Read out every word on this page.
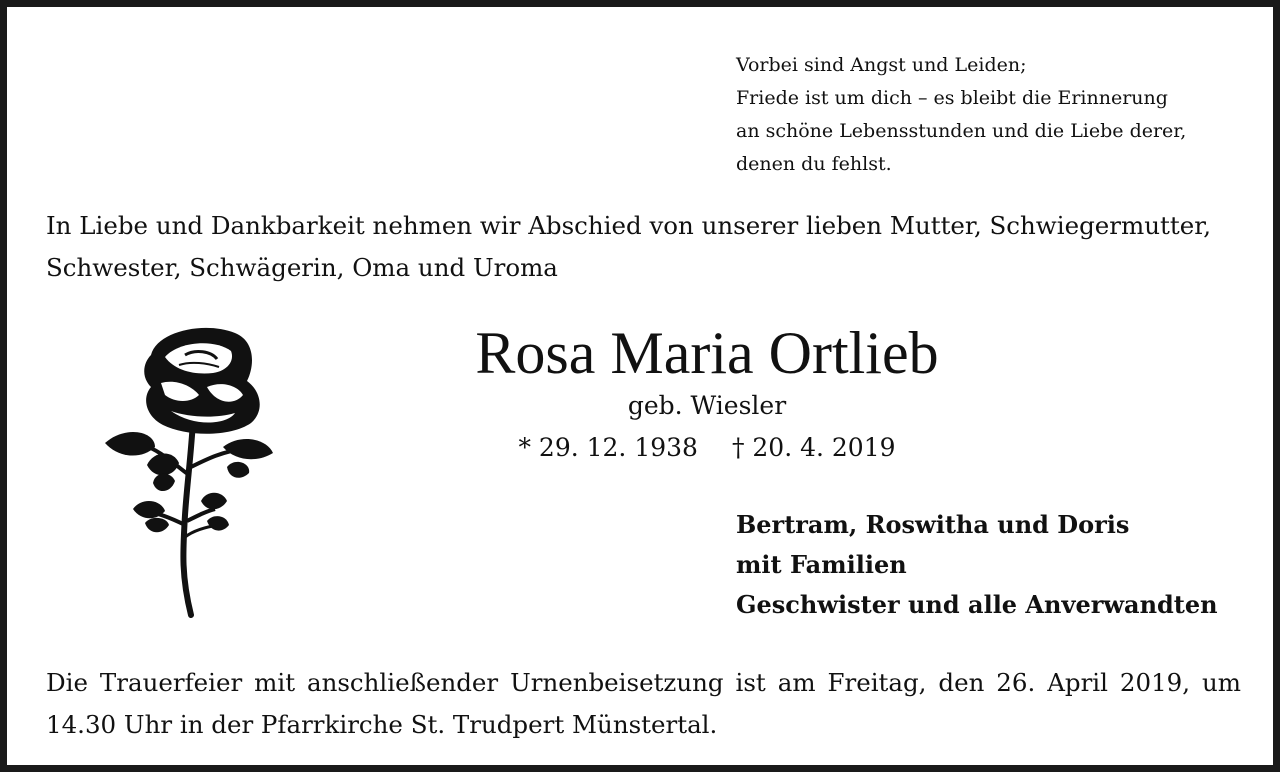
Vorbei sind Angst und Leiden;
Friede ist um dich – es bleibt die Erinnerung
an schöne Lebensstunden und die Liebe derer,
denen du fehlst.
In Liebe und Dankbarkeit nehmen wir Abschied von unserer lieben Mutter, Schwiegermutter,
Schwester, Schwägerin, Oma und Uroma
Rosa Maria Ortlieb
geb. Wiesler
* 29. 12. 1938 † 20. 4. 2019
Bertram, Roswitha und Doris
mit Familien
Geschwister und alle Anverwandten
Die Trauerfeier mit anschließender Urnenbeisetzung ist am Freitag, den 26. April 2019, um
14.30 Uhr in der Pfarrkirche St. Trudpert Münstertal.
